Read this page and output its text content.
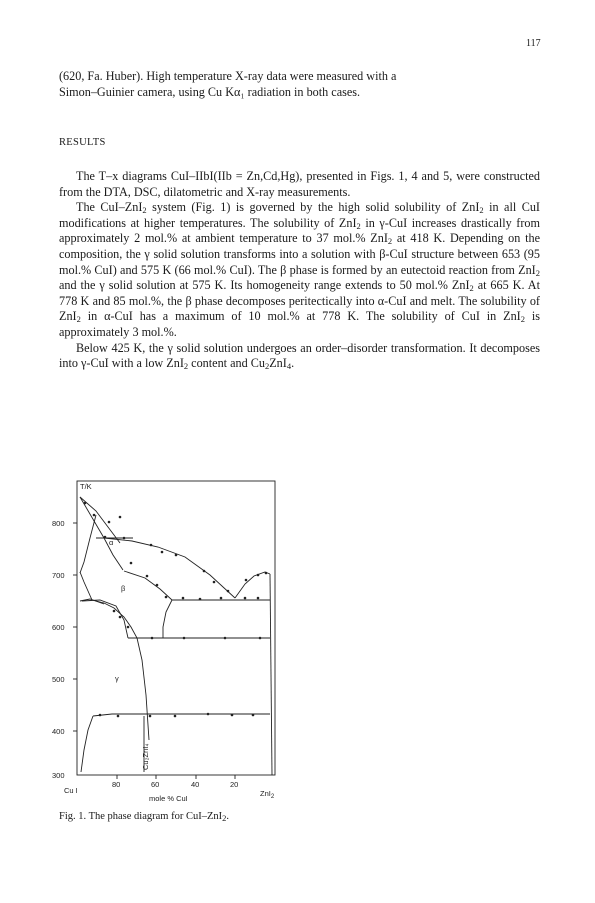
117

(620, Fa. Huber). High temperature X-ray data were measured with a

Simon–Guinier camera, using Cu Kα₁ radiation in both cases.

RESULTS

The T–x diagrams CuI–IIbI(IIb = Zn,Cd,Hg), presented in Figs. 1, 4 and 5, were constructed from the DTA, DSC, dilatometric and X-ray measurements.

The CuI–ZnI$_2$ system (Fig. 1) is governed by the high solid solubility of ZnI$_2$ in all CuI modifications at higher temperatures. The solubility of ZnI$_2$ in γ-CuI increases drastically from approximately 2 mol.% at ambient temperature to 37 mol.% ZnI$_2$ at 418 K. Depending on the composition, the γ solid solution transforms into a solution with β-CuI structure between 653 (95 mol.% CuI) and 575 K (66 mol.% CuI). The β phase is formed by an eutectoid reaction from ZnI$_2$ and the γ solid solution at 575 K. Its homogeneity range extends to 50 mol.% ZnI$_2$ at 665 K. At 778 K and 85 mol.%, the β phase decomposes peritectically into α-CuI and melt. The solubility of ZnI$_2$ in α-CuI has a maximum of 10 mol.% at 778 K. The solubility of CuI in ZnI$_2$ is approximately 3 mol.%.

Below 425 K, the γ solid solution undergoes an order–disorder transformation. It decomposes into γ-CuI with a low ZnI$_2$ content and $Cu_2ZnI_4$.

T/K
800
700
600
500
400
300
80	60	40	20
Cu I	ZnI$_2$
mole % CuI
α
β
γ
Cu₂ZnI₄
Fig. 1. The phase diagram for CuI–ZnI$_2$.
